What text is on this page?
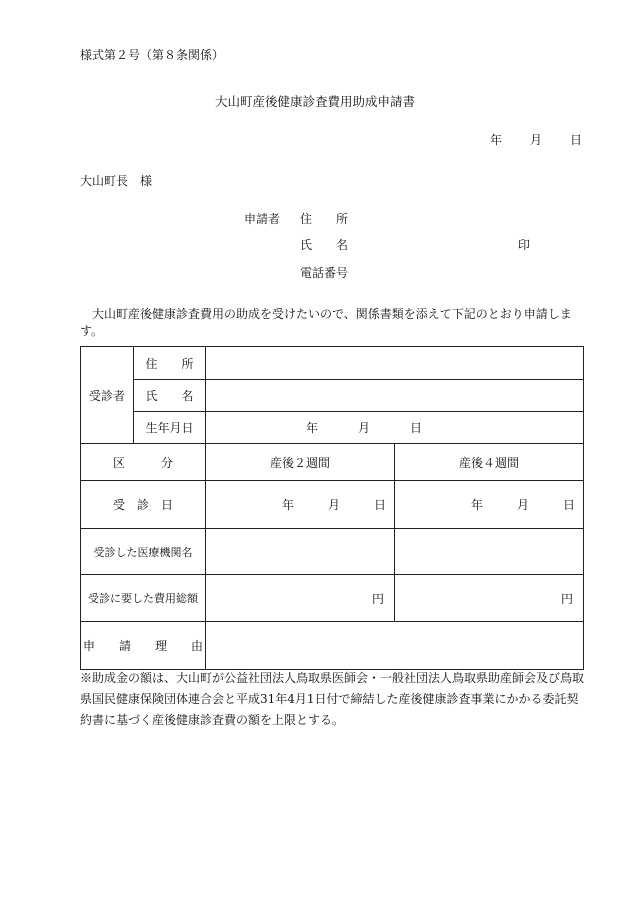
様式第２号（第８条関係）
大山町産後健康診査費用助成申請書
年 月 日
大山町長　様
申請者 住　　所
氏　　名	印
電話番号
大山町産後健康診査費用の助成を受けたいので、関係書類を添えて下記のとおり申請します。
受診者	住　　所		
	氏　　名		
	生年月日	年 月 日	
区　　　分		産後２週間	産後４週間
受　診　日		年 月 日	年 月 日
受診した医療機関名			
受診に要した費用総額		円	円
申　　請　　理　　由			
※助成金の額は、大山町が公益社団法人鳥取県医師会・一般社団法人鳥取県助産師会及び鳥取県国民健康保険団体連合会と平成31年4月1日付で締結した産後健康診査事業にかかる委託契約書に基づく産後健康診査費の額を上限とする。
